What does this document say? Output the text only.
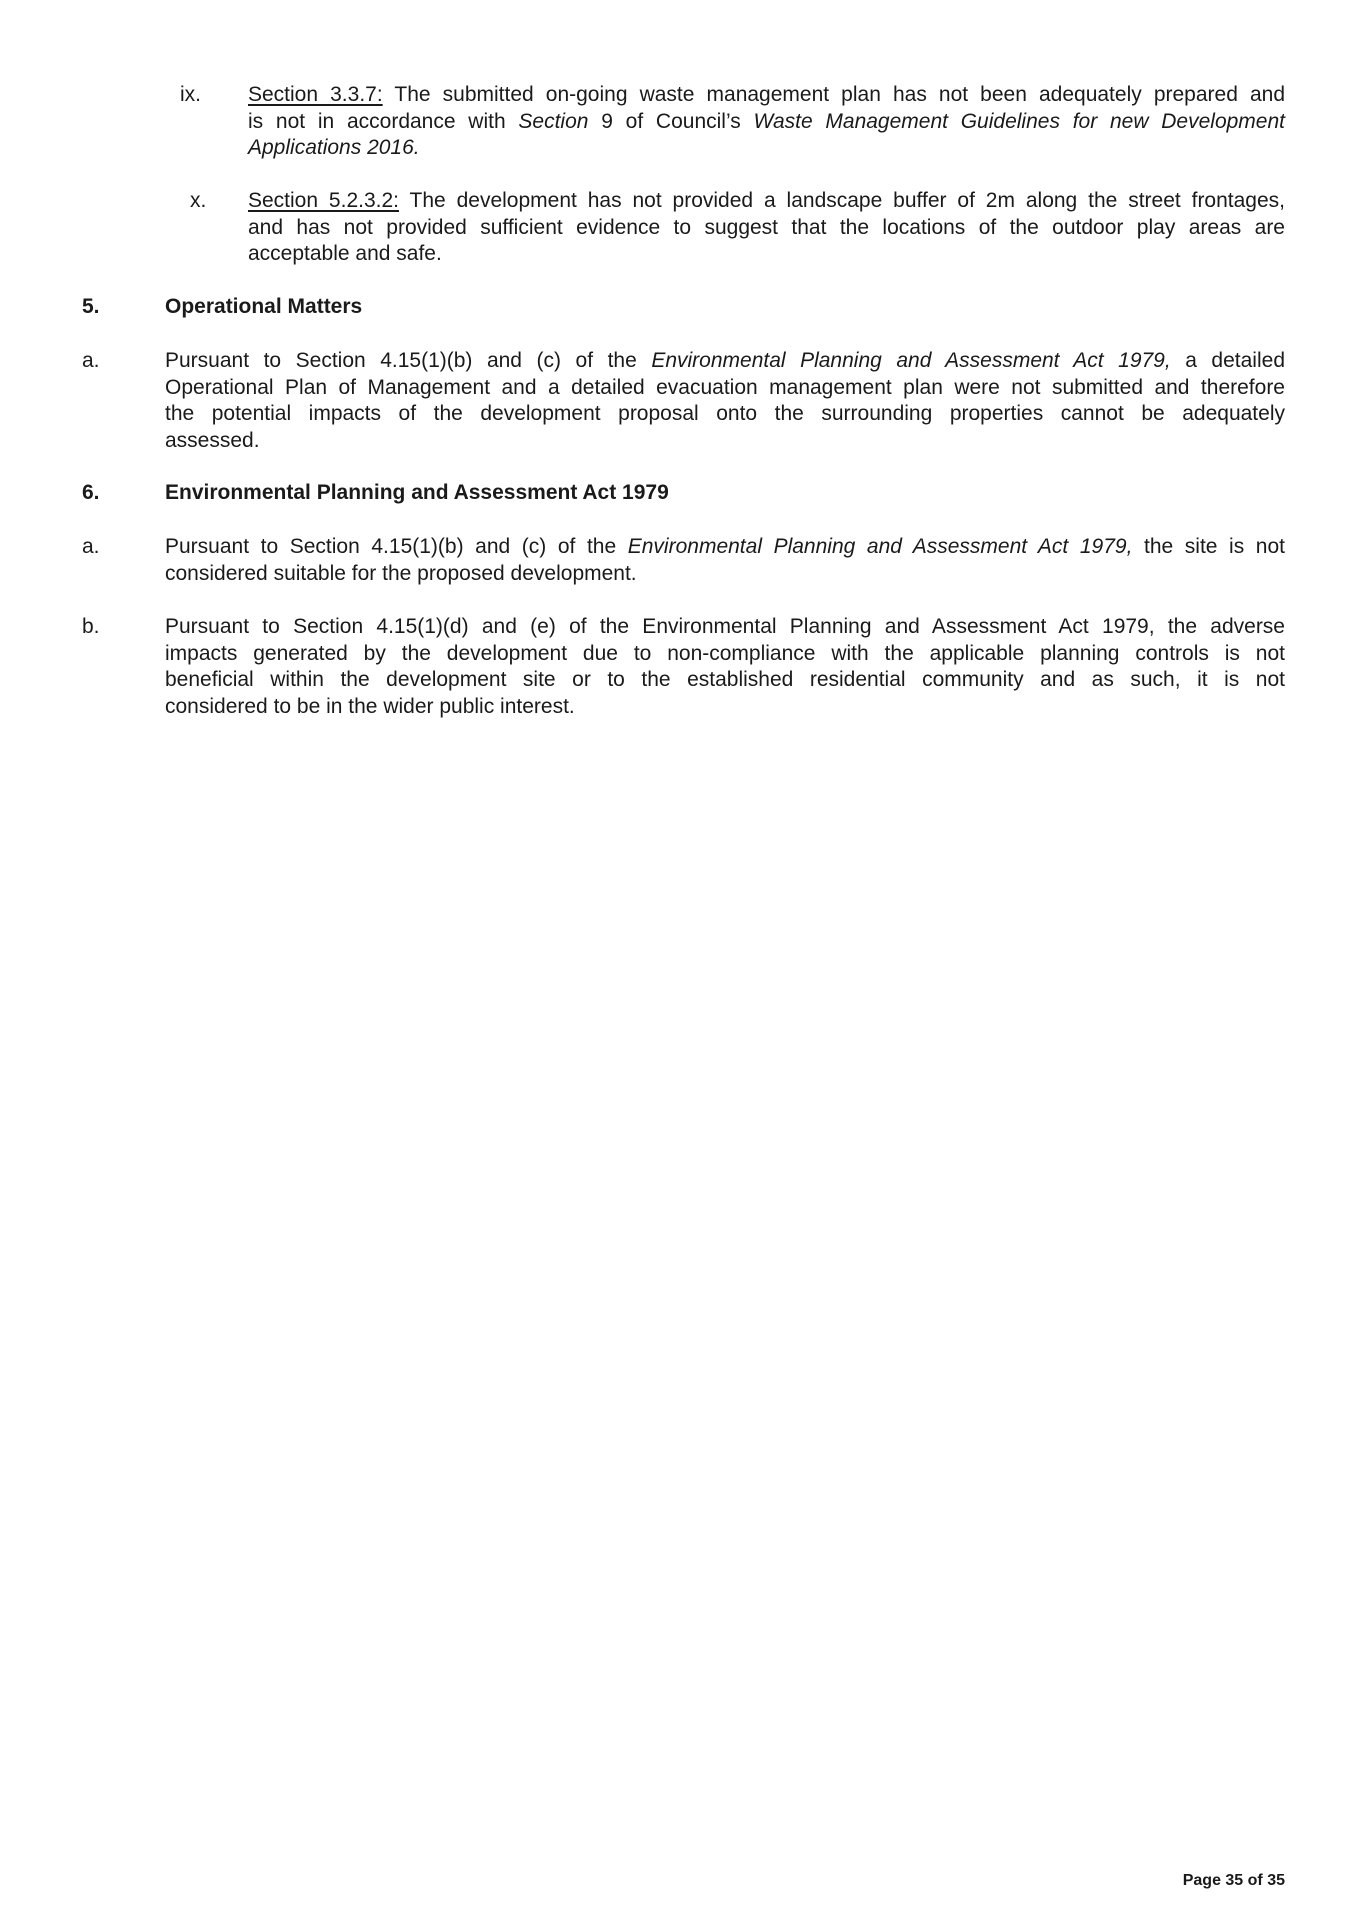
ix. Section 3.3.7: The submitted on-going waste management plan has not been adequately prepared and
is not in accordance with Section 9 of Council’s Waste Management Guidelines for new Development
Applications 2016.
x. Section 5.2.3.2: The development has not provided a landscape buffer of 2m along the street frontages,
and has not provided sufficient evidence to suggest that the locations of the outdoor play areas are
acceptable and safe.
5.	Operational Matters
a.	Pursuant to Section 4.15(1)(b) and (c) of the Environmental Planning and Assessment Act 1979, a detailed
Operational Plan of Management and a detailed evacuation management plan were not submitted and therefore
the potential impacts of the development proposal onto the surrounding properties cannot be adequately
assessed.
6.	Environmental Planning and Assessment Act 1979
a.	Pursuant to Section 4.15(1)(b) and (c) of the Environmental Planning and Assessment Act 1979, the site is not
considered suitable for the proposed development.
b.	Pursuant to Section 4.15(1)(d) and (e) of the Environmental Planning and Assessment Act 1979, the adverse
impacts generated by the development due to non-compliance with the applicable planning controls is not
beneficial within the development site or to the established residential community and as such, it is not
considered to be in the wider public interest.
Page 35 of 35
